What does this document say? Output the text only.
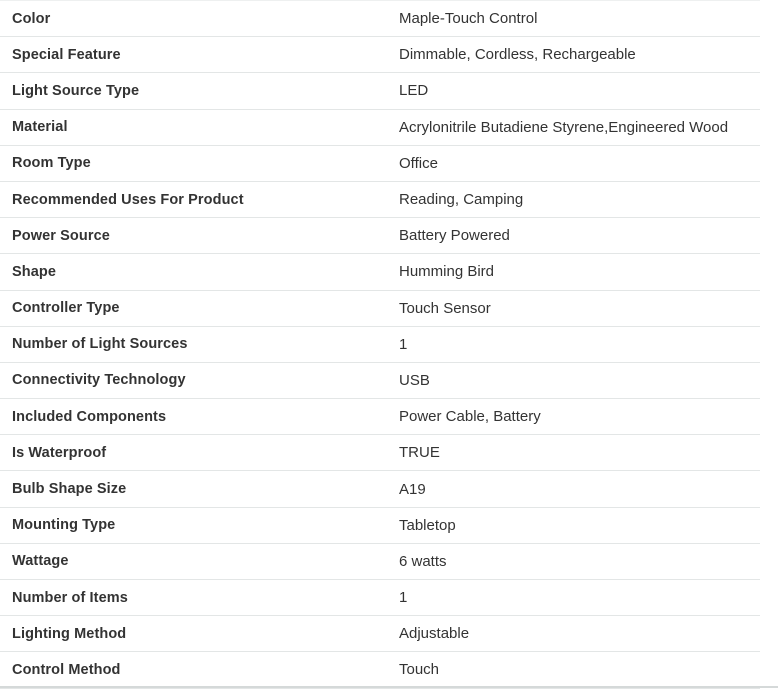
Color	Maple-Touch Control
Special Feature	Dimmable, Cordless, Rechargeable
Light Source Type	LED
Material	Acrylonitrile Butadiene Styrene,Engineered Wood
Room Type	Office
Recommended Uses For Product	Reading, Camping
Power Source	Battery Powered
Shape	Humming Bird
Controller Type	Touch Sensor
Number of Light Sources	1
Connectivity Technology	USB
Included Components	Power Cable, Battery
Is Waterproof	TRUE
Bulb Shape Size	A19
Mounting Type	Tabletop
Wattage	6 watts
Number of Items	1
Lighting Method	Adjustable
Control Method	Touch
